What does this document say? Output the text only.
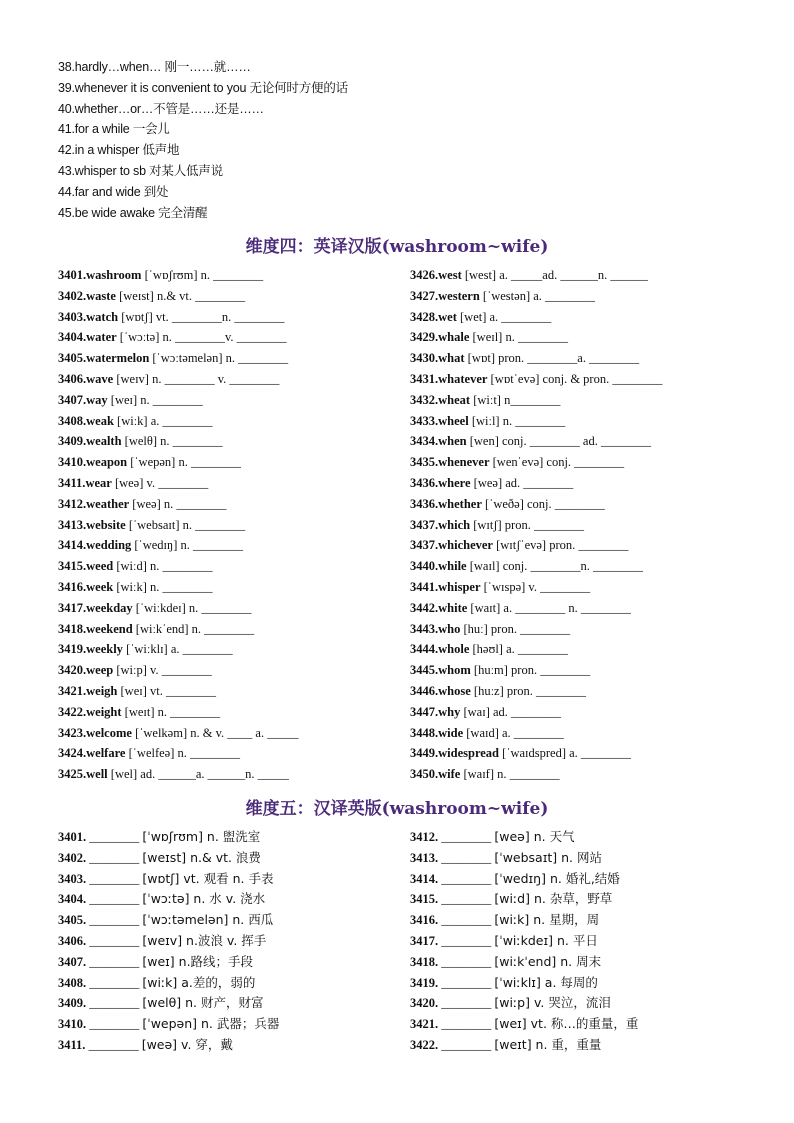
38.hardly…when… 刚一……就……
39.whenever it is convenient to you 无论何时方便的话
40.whether…or…不管是……还是……
41.for a while 一会儿
42.in a whisper 低声地
43.whisper to sb 对某人低声说
44.far and wide 到处
45.be wide awake 完全清醒
维度四：英译汉版(washroom~wife)
3401.washroom [ˈwɒʃrʊm] n. ________
3402.waste [weɪst] n.& vt. ________
3403.watch [wɒtʃ] vt. ________n. ________
3404.water [ˈwɔːtə] n. ________v. ________
3405.watermelon [ˈwɔːtəmelən] n. ________
3406.wave [weɪv] n. ________ v. ________
3407.way [weɪ] n. ________
3408.weak [wiːk] a. ________
3409.wealth [welθ] n. ________
3410.weapon [ˈwepən] n. ________
3411.wear [weə] v. ________
3412.weather [weə] n. ________
3413.website [ˈwebsaɪt] n. ________
3414.wedding [ˈwedɪŋ] n. ________
3415.weed [wiːd] n. ________
3416.week [wiːk] n. ________
3417.weekday [ˈwiːkdeɪ] n. ________
3418.weekend [wiːkˈend] n. ________
3419.weekly [ˈwiːklɪ] a. ________
3420.weep [wiːp] v. ________
3421.weigh [weɪ] vt. ________
3422.weight [weɪt] n. ________
3423.welcome [ˈwelkəm] n. & v. ____ a. _____
3424.welfare [ˈwelfeə] n. ________
3425.well [wel] ad. ______a. ______n. _____
3426.west [west] a. _____ad. ______n. ______
3427.western [ˈwestən] a. ________
3428.wet [wet] a. ________
3429.whale [weɪl] n. ________
3430.what [wɒt] pron. ________a. ________
3431.whatever [wɒtˈevə] conj. & pron. ________
3432.wheat [wiːt] n________
3433.wheel [wiːl] n. ________
3434.when [wen] conj. ________ ad. ________
3435.whenever [wenˈevə] conj. ________
3436.where [weə] ad. ________
3436.whether [ˈweðə] conj. ________
3437.which [wɪtʃ] pron. ________
3437.whichever [wɪtʃˈevə] pron. ________
3440.while [waɪl] conj. ________n. ________
3441.whisper [ˈwɪspə] v. ________
3442.white [waɪt] a. ________ n. ________
3443.who [huː] pron. ________
3444.whole [həʊl] a. ________
3445.whom [huːm] pron. ________
3446.whose [huːz] pron. ________
3447.why [waɪ] ad. ________
3448.wide [waɪd] a. ________
3449.widespread [ˈwaɪdspred] a. ________
3450.wife [waɪf] n. ________
维度五：汉译英版(washroom~wife)
3401. ________ [ˈwɒʃrʊm] n. 盥洗室
3402. ________ [weɪst] n.& vt. 浪费
3403. ________ [wɒtʃ] vt. 观看 n. 手表
3404. ________ [ˈwɔːtə] n. 水 v. 浇水
3405. ________ [ˈwɔːtəmelən] n. 西瓜
3406. ________ [weɪv] n.波浪 v. 挥手
3407. ________ [weɪ] n.路线；手段
3408. ________ [wiːk] a.差的，弱的
3409. ________ [welθ] n. 财产，财富
3410. ________ [ˈwepən] n. 武器；兵器
3411. ________ [weə] v. 穿，戴
3412. ________ [weə] n. 天气
3413. ________ [ˈwebsaɪt] n. 网站
3414. ________ [ˈwedɪŋ] n. 婚礼,结婚
3415. ________ [wiːd] n. 杂草，野草
3416. ________ [wiːk] n. 星期，周
3417. ________ [ˈwiːkdeɪ] n. 平日
3418. ________ [wiːkˈend] n. 周末
3419. ________ [ˈwiːklɪ] a. 每周的
3420. ________ [wiːp] v. 哭泣，流泪
3421. ________ [weɪ] vt. 称…的重量，重
3422. ________ [weɪt] n. 重，重量
